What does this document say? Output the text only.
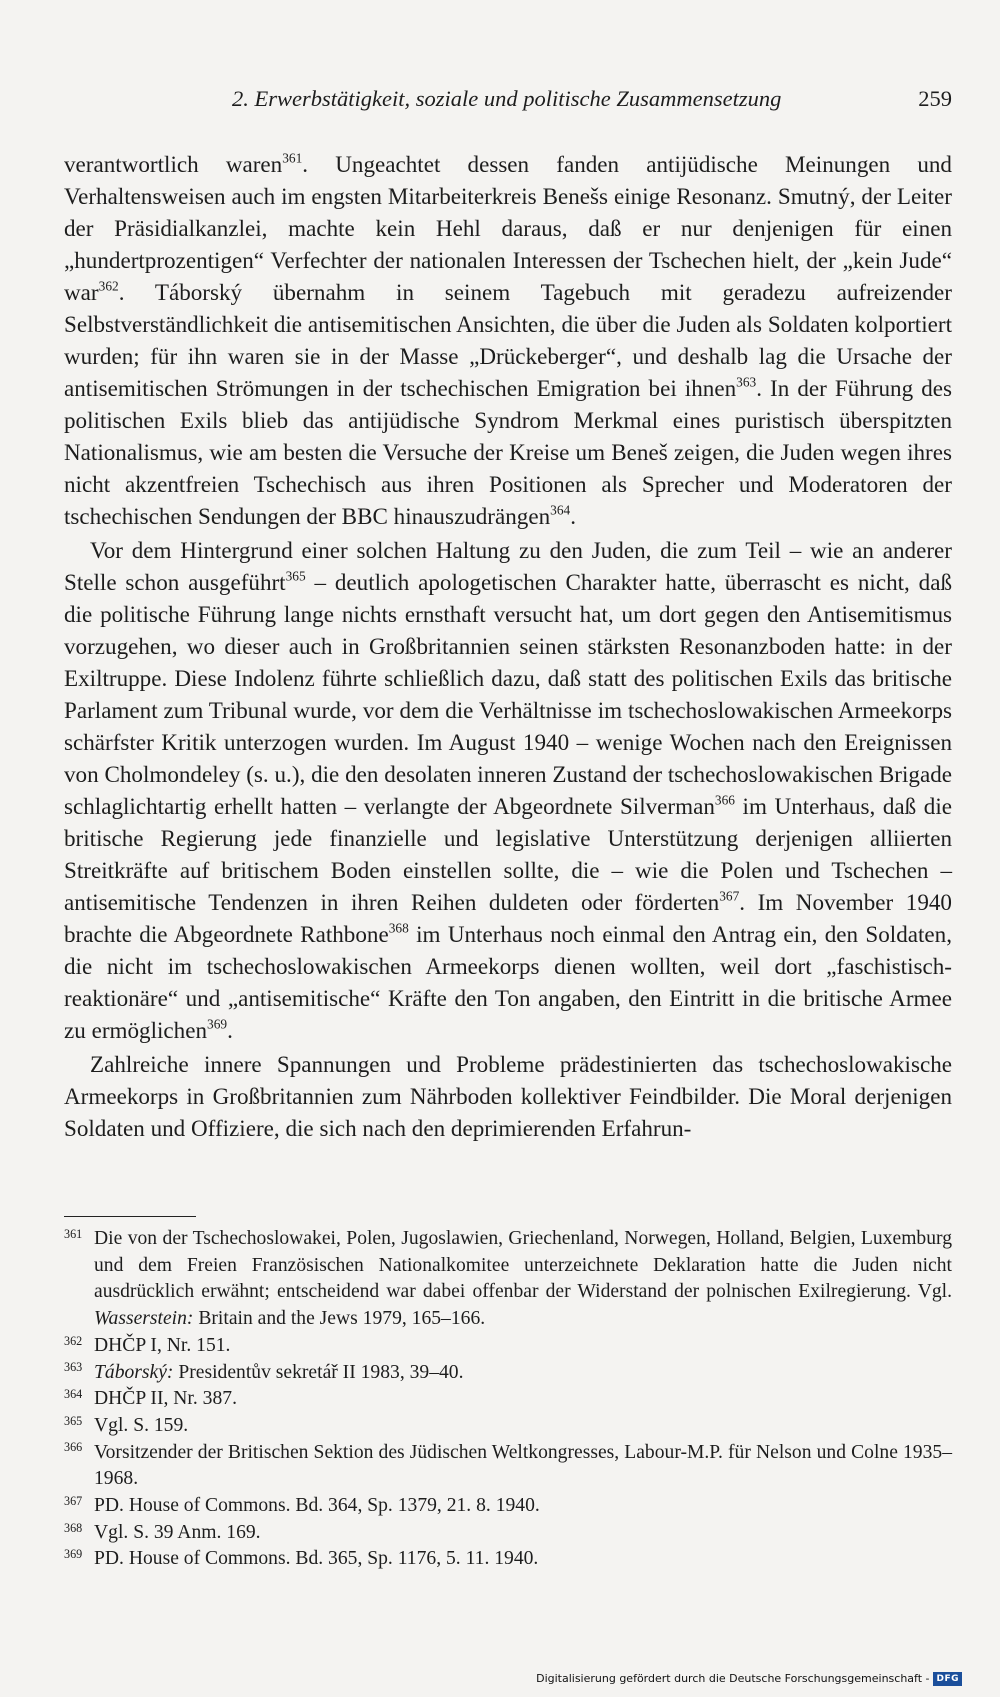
2. Erwerbstätigkeit, soziale und politische Zusammensetzung	259

verantwortlich waren$^{361}$. Ungeachtet dessen fanden antijüdische Meinungen und Verhaltensweisen auch im engsten Mitarbeiterkreis Benešs einige Resonanz. Smutný, der Leiter der Präsidialkanzlei, machte kein Hehl daraus, daß er nur denjenigen für einen „hundertprozentigen“ Verfechter der nationalen Interessen der Tschechen hielt, der „kein Jude“ war$^{362}$. Táborský übernahm in seinem Tagebuch mit geradezu aufreizender Selbstverständlichkeit die antisemitischen Ansichten, die über die Juden als Soldaten kolportiert wurden; für ihn waren sie in der Masse „Drückeberger“, und deshalb lag die Ursache der antisemitischen Strömungen in der tschechischen Emigration bei ihnen$^{363}$. In der Führung des politischen Exils blieb das antijüdische Syndrom Merkmal eines puristisch überspitzten Nationalismus, wie am besten die Versuche der Kreise um Beneš zeigen, die Juden wegen ihres nicht akzentfreien Tschechisch aus ihren Positionen als Sprecher und Moderatoren der tschechischen Sendungen der BBC hinauszudrängen$^{364}$.

Vor dem Hintergrund einer solchen Haltung zu den Juden, die zum Teil – wie an anderer Stelle schon ausgeführt$^{365}$ – deutlich apologetischen Charakter hatte, überrascht es nicht, daß die politische Führung lange nichts ernsthaft versucht hat, um dort gegen den Antisemitismus vorzugehen, wo dieser auch in Großbritannien seinen stärksten Resonanzboden hatte: in der Exiltruppe. Diese Indolenz führte schließlich dazu, daß statt des politischen Exils das britische Parlament zum Tribunal wurde, vor dem die Verhältnisse im tschechoslowakischen Armeekorps schärfster Kritik unterzogen wurden. Im August 1940 – wenige Wochen nach den Ereignissen von Cholmondeley (s. u.), die den desolaten inneren Zustand der tschechoslowakischen Brigade schlaglichtartig erhellt hatten – verlangte der Abgeordnete Silverman$^{366}$ im Unterhaus, daß die britische Regierung jede finanzielle und legislative Unterstützung derjenigen alliierten Streitkräfte auf britischem Boden einstellen sollte, die – wie die Polen und Tschechen – antisemitische Tendenzen in ihren Reihen duldeten oder förderten$^{367}$. Im November 1940 brachte die Abgeordnete Rathbone$^{368}$ im Unterhaus noch einmal den Antrag ein, den Soldaten, die nicht im tschechoslowakischen Armeekorps dienen wollten, weil dort „faschistisch-reaktionäre“ und „antisemitische“ Kräfte den Ton angaben, den Eintritt in die britische Armee zu ermöglichen$^{369}$.

Zahlreiche innere Spannungen und Probleme prädestinierten das tschechoslowakische Armeekorps in Großbritannien zum Nährboden kollektiver Feindbilder. Die Moral derjenigen Soldaten und Offiziere, die sich nach den deprimierenden Erfahrun-

361 Die von der Tschechoslowakei, Polen, Jugoslawien, Griechenland, Norwegen, Holland, Belgien, Luxemburg und dem Freien Französischen Nationalkomitee unterzeichnete Deklaration hatte die Juden nicht ausdrücklich erwähnt; entscheidend war dabei offenbar der Widerstand der polnischen Exilregierung. Vgl. Wasserstein: Britain and the Jews 1979, 165–166.
362 DHČP I, Nr. 151.
363 Táborský: Presidentův sekretář II 1983, 39–40.
364 DHČP II, Nr. 387.
365 Vgl. S. 159.
366 Vorsitzender der Britischen Sektion des Jüdischen Weltkongresses, Labour-M.P. für Nelson und Colne 1935–1968.
367 PD. House of Commons. Bd. 364, Sp. 1379, 21. 8. 1940.
368 Vgl. S. 39 Anm. 169.
369 PD. House of Commons. Bd. 365, Sp. 1176, 5. 11. 1940.
Digitalisierung gefördert durch die Deutsche Forschungsgemeinschaft - DFG
